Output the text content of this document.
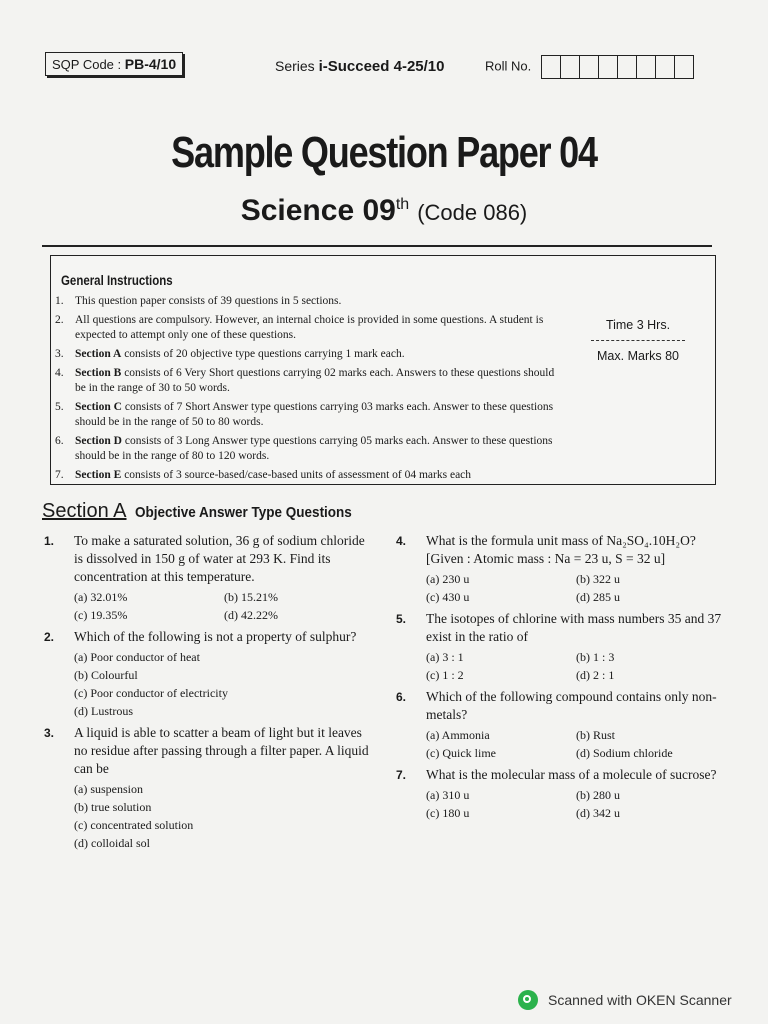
SQP Code : PB-4/10	Series i-Succeed 4-25/10	Roll No.
Sample Question Paper 04
Science 09th (Code 086)
General Instructions
1. This question paper consists of 39 questions in 5 sections.
2. All questions are compulsory. However, an internal choice is provided in some questions. A student is expected to attempt only one of these questions.
3. Section A consists of 20 objective type questions carrying 1 mark each.
4. Section B consists of 6 Very Short questions carrying 02 marks each. Answers to these questions should be in the range of 30 to 50 words.
5. Section C consists of 7 Short Answer type questions carrying 03 marks each. Answer to these questions should be in the range of 50 to 80 words.
6. Section D consists of 3 Long Answer type questions carrying 05 marks each. Answer to these questions should be in the range of 80 to 120 words.
7. Section E consists of 3 source-based/case-based units of assessment of 04 marks each
Time 3 Hrs.
Max. Marks 80
Section A Objective Answer Type Questions
1.	To make a saturated solution, 36 g of sodium chloride is dissolved in 150 g of water at 293 K. Find its concentration at this temperature.
(a) 32.01%	(b) 15.21%
(c) 19.35%	(d) 42.22%
2.	Which of the following is not a property of sulphur?
(a) Poor conductor of heat
(b) Colourful
(c) Poor conductor of electricity
(d) Lustrous
3.	A liquid is able to scatter a beam of light but it leaves no residue after passing through a filter paper. A liquid can be
(a) suspension
(b) true solution
(c) concentrated solution
(d) colloidal sol
4.	What is the formula unit mass of Na₂SO₄.10H₂O? [Given : Atomic mass : Na = 23 u, S = 32 u]
(a) 230 u	(b) 322 u
(c) 430 u	(d) 285 u
5.	The isotopes of chlorine with mass numbers 35 and 37 exist in the ratio of
(a) 3 : 1	(b) 1 : 3
(c) 1 : 2	(d) 2 : 1
6.	Which of the following compound contains only non-metals?
(a) Ammonia	(b) Rust
(c) Quick lime	(d) Sodium chloride
7.	What is the molecular mass of a molecule of sucrose?
(a) 310 u	(b) 280 u
(c) 180 u	(d) 342 u
Scanned with OKEN Scanner
